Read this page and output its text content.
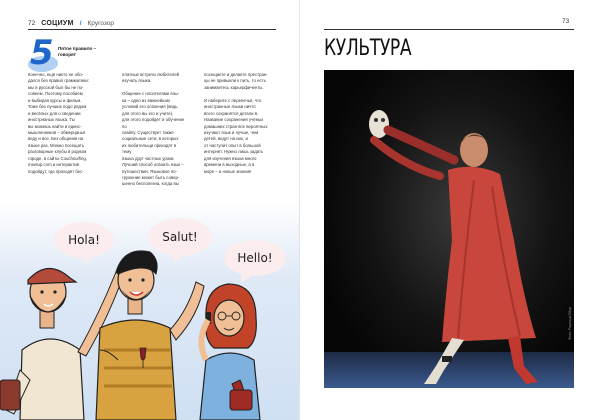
72 СОЦИУМ / Кругозор
5 Пятое правило –
говорят
Конечно, ещё никто не обо-
дался без правил грамматики:
мы в русской был бы не по-
совеем. Поэтому пособием
и выбирая курсы и фильм.
Тоже без лучших подо рядом
и весёлых для о сведении
инострнаных языка. Ты
вы можешь найти и единс-
мышленников – обмерцанья
веду и все. Без общения на
языке раз. Можно посещать
разговорные клубы в родном
городе, в сайты Couchsurfing,
meetup.com и интерактив
подойдут, где проходят бес-
платные встречи любителей
изучать языка.

Общение с носителями язы-
ка – одно из важнейших
условий его освоения (ведь
для этого вы его и учите),
для этого подойдёт и обучение по
скайпу. Существует также
социальные сети, в которых
их любительщи приходят в тему
языка друг частных уроки.
Лучший способ освоить язык –
путешествия. Языковое по-
гружение может быть совер-
шенно бесполезна, когда вы
посещаете и делаете престран-
цы не привыкли к пить, то есть
занимаетесь карьерфиченты.

И наберите с перепечья, что
иностранные языки ничто
всего сохранятся детали в.
Название сохранения учёных
домашних стран все вероятных
изучают язык и лучше, чем
детей, ведут на них, и
от наступит опыт в большой
интернет. Нужно лишь задать
для изучения языка много
времени в выходные, а в
море – и новые знания!
Hola!	Salut!
Hello!
73
КУЛЬТУРА
Фото: Рацлоки Сбор
